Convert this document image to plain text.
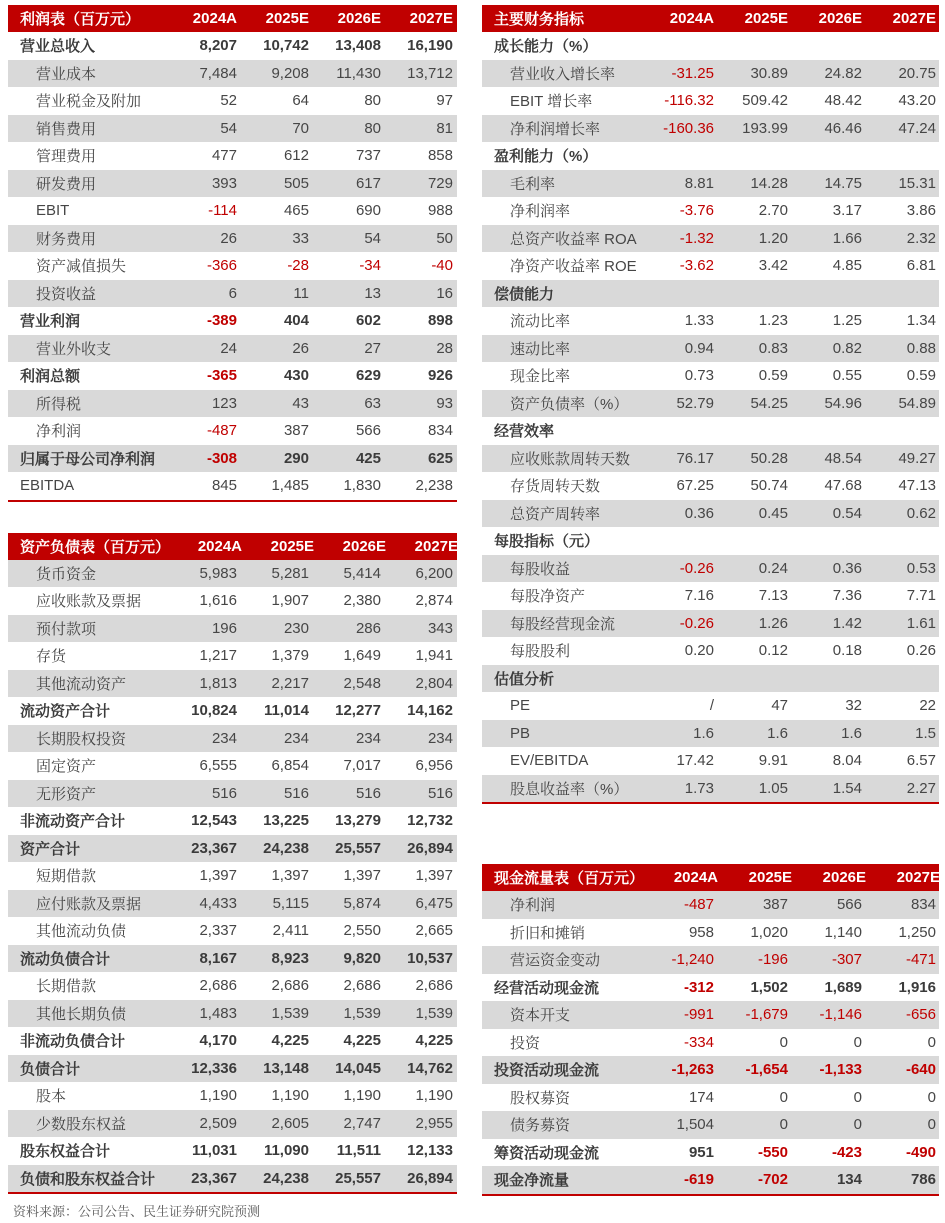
利润表（百万元）	2024A	2025E	2026E	2027E
营业总收入	8,207	10,742	13,408	16,190
营业成本	7,484	9,208	11,430	13,712
营业税金及附加	52	64	80	97
销售费用	54	70	80	81
管理费用	477	612	737	858
研发费用	393	505	617	729
EBIT	-114	465	690	988
财务费用	26	33	54	50
资产减值损失	-366	-28	-34	-40
投资收益	6	11	13	16
营业利润	-389	404	602	898
营业外收支	24	26	27	28
利润总额	-365	430	629	926
所得税	123	43	63	93
净利润	-487	387	566	834
归属于母公司净利润	-308	290	425	625
EBITDA	845	1,485	1,830	2,238
资产负债表（百万元）	2024A	2025E	2026E	2027E
货币资金	5,983	5,281	5,414	6,200
应收账款及票据	1,616	1,907	2,380	2,874
预付款项	196	230	286	343
存货	1,217	1,379	1,649	1,941
其他流动资产	1,813	2,217	2,548	2,804
流动资产合计	10,824	11,014	12,277	14,162
长期股权投资	234	234	234	234
固定资产	6,555	6,854	7,017	6,956
无形资产	516	516	516	516
非流动资产合计	12,543	13,225	13,279	12,732
资产合计	23,367	24,238	25,557	26,894
短期借款	1,397	1,397	1,397	1,397
应付账款及票据	4,433	5,115	5,874	6,475
其他流动负债	2,337	2,411	2,550	2,665
流动负债合计	8,167	8,923	9,820	10,537
长期借款	2,686	2,686	2,686	2,686
其他长期负债	1,483	1,539	1,539	1,539
非流动负债合计	4,170	4,225	4,225	4,225
负债合计	12,336	13,148	14,045	14,762
股本	1,190	1,190	1,190	1,190
少数股东权益	2,509	2,605	2,747	2,955
股东权益合计	11,031	11,090	11,511	12,133
负债和股东权益合计	23,367	24,238	25,557	26,894
资料来源：公司公告、民生证券研究院预测
主要财务指标	2024A	2025E	2026E	2027E
成长能力（%）
营业收入增长率	-31.25	30.89	24.82	20.75
EBIT 增长率	-116.32	509.42	48.42	43.20
净利润增长率	-160.36	193.99	46.46	47.24
盈利能力（%）
毛利率	8.81	14.28	14.75	15.31
净利润率	-3.76	2.70	3.17	3.86
总资产收益率 ROA	-1.32	1.20	1.66	2.32
净资产收益率 ROE	-3.62	3.42	4.85	6.81
偿债能力
流动比率	1.33	1.23	1.25	1.34
速动比率	0.94	0.83	0.82	0.88
现金比率	0.73	0.59	0.55	0.59
资产负债率（%）	52.79	54.25	54.96	54.89
经营效率
应收账款周转天数	76.17	50.28	48.54	49.27
存货周转天数	67.25	50.74	47.68	47.13
总资产周转率	0.36	0.45	0.54	0.62
每股指标（元）
每股收益	-0.26	0.24	0.36	0.53
每股净资产	7.16	7.13	7.36	7.71
每股经营现金流	-0.26	1.26	1.42	1.61
每股股利	0.20	0.12	0.18	0.26
估值分析
PE	/	47	32	22
PB	1.6	1.6	1.6	1.5
EV/EBITDA	17.42	9.91	8.04	6.57
股息收益率（%）	1.73	1.05	1.54	2.27
现金流量表（百万元）	2024A	2025E	2026E	2027E
净利润	-487	387	566	834
折旧和摊销	958	1,020	1,140	1,250
营运资金变动	-1,240	-196	-307	-471
经营活动现金流	-312	1,502	1,689	1,916
资本开支	-991	-1,679	-1,146	-656
投资	-334	0	0	0
投资活动现金流	-1,263	-1,654	-1,133	-640
股权募资	174	0	0	0
债务募资	1,504	0	0	0
筹资活动现金流	951	-550	-423	-490
现金净流量	-619	-702	134	786
